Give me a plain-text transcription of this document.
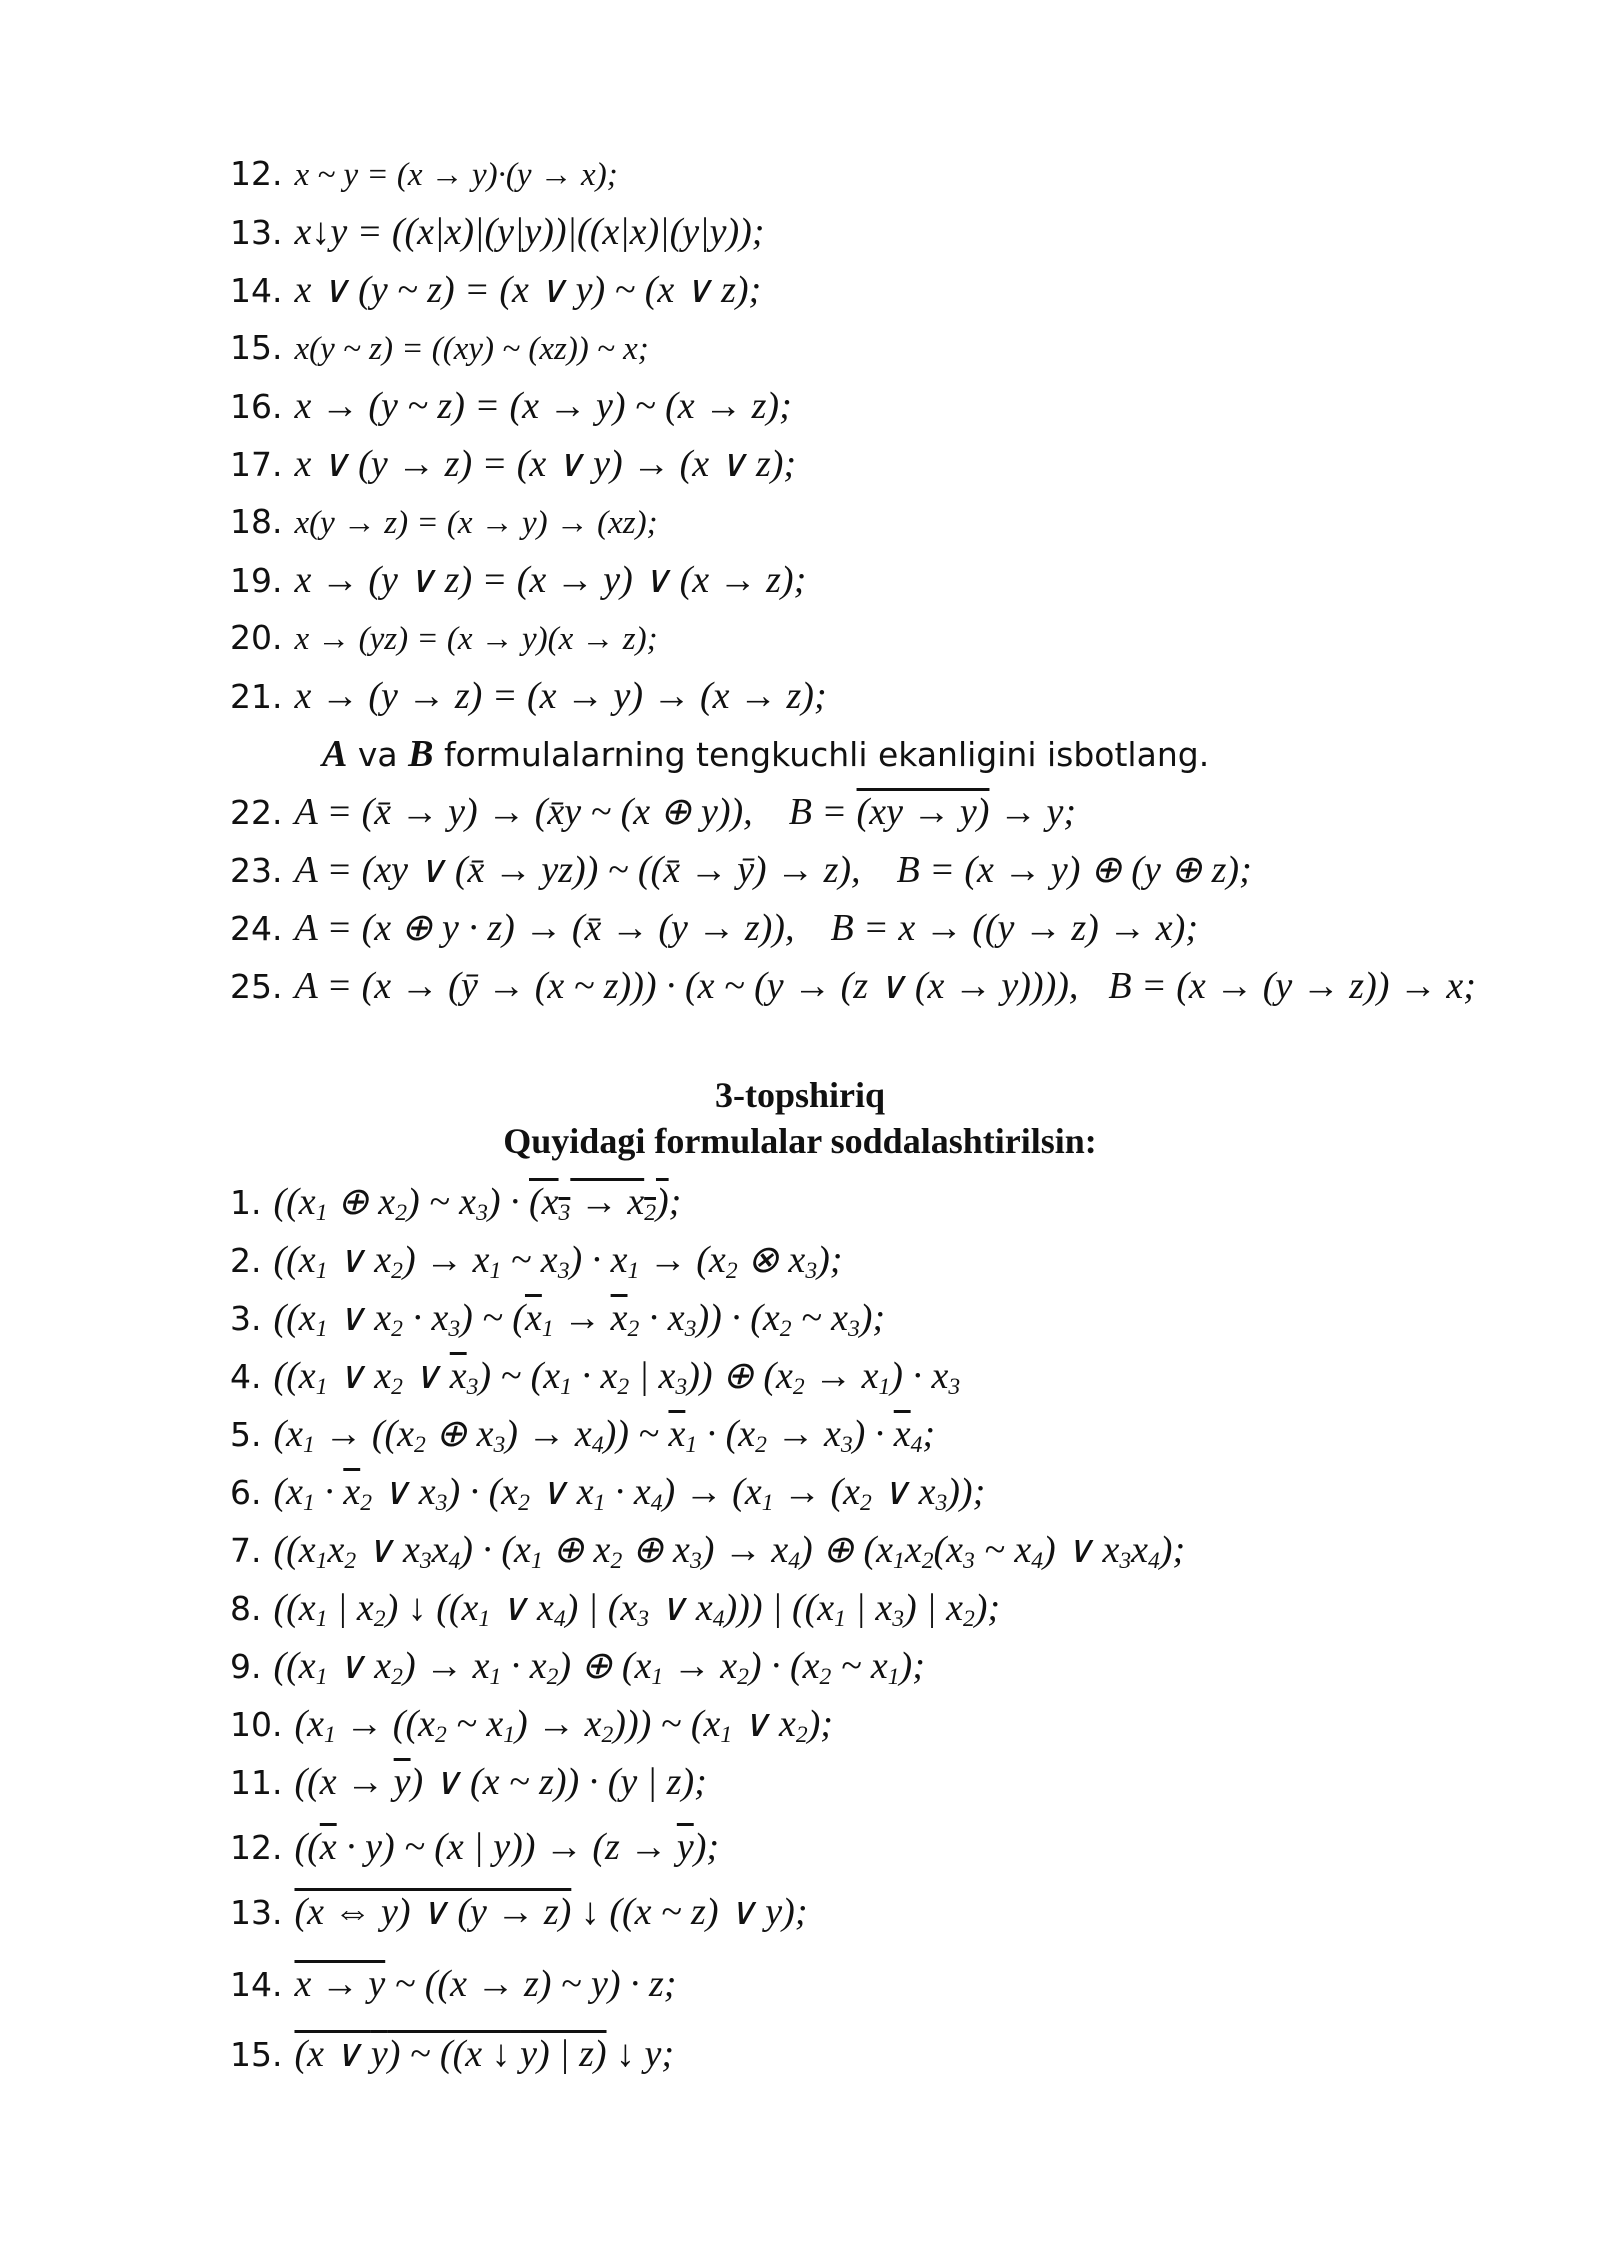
12. x ~ y = (x → y)·(y → x);
13. x↓y = ((x|x)|(y|y))|((x|x)|(y|y));
14. x ∨ (y ~ z) = (x ∨ y) ~ (x ∨ z);
15. x(y ~ z) = ((xy) ~ (xz)) ~ x;
16. x → (y ~ z) = (x → y) ~ (x → z);
17. x ∨ (y → z) = (x ∨ y) → (x ∨ z);
18. x(y → z) = (x → y) → (xz);
19. x → (y ∨ z) = (x → y) ∨ (x → z);
20. x → (yz) = (x → y)(x → z);
21. x → (y → z) = (x → y) → (x → z);
A va B formulalarning tengkuchli ekanligini isbotlang.
22. A = (x̄ → y) → (x̄y ~ (x ⊕ y)), B = (xy → y) → y;
23. A = (xy ∨ (x̄ → yz)) ~ ((x̄ → ȳ) → z), B = (x → y) ⊕ (y ⊕ z);
24. A = (x ⊕ y · z) → (x̄ → (y → z)), B = x → ((y → z) → x);
25. A = (x → (ȳ → (x ~ z))) · (x ~ (y → (z ∨ (x → y)))), B = (x → (y → z)) → x;
3-topshiriq
Quyidagi formulalar soddalashtirilsin:
1. (($x_1$ ⊕ $x_2$) ~ $x_3) \cdot (x_3 \to x_2)$;
2. (($x_1$ ∨ $x_2) \to x_1$ ~ $x_3) \cdot x_1 \to (x_2$ ⊗ $x_3$);
3. (($x_1$ ∨ $x_2 \cdot x_3$) ~ $(\overline{x}_1 \to \overline{x}_2 \cdot x_3)) \cdot (x_2$ ~ $x_3$);
4. (($x_1$ ∨ $x_2$ ∨ $\overline{x}_3$) ~ ($x_1 \cdot x_2$ | $x_3$)) ⊕ $(x_2 \to x_1) \cdot x_3$
5. ($x_1 \to ((x_2$ ⊕ $x_3) \to x_4$)) ~ $\overline{x}_1 \cdot (x_2 \to x_3) \cdot \overline{x}_4$;
6. ($x_1 \cdot \overline{x}_2$ ∨ $x_3) \cdot (x_2$ ∨ $x_1 \cdot x_4) \to (x_1 \to (x_2$ ∨ $x_3$));
7. (($x_1x_2$ ∨ $x_3x_4) \cdot (x_1$ ⊕ $x_2$ ⊕ $x_3) \to x_4$) ⊕ ($x_1x_2(x_3$ ~ $x_4$) ∨ $x_3x_4$);
8. (($x_1$ | $x_2$) ↓ (($x_1$ ∨ $x_4$) | ($x_3$ ∨ $x_4$))) | (($x_1$ | $x_3$) | $x_2$);
9. (($x_1$ ∨ $x_2) \to x_1 \cdot x_2$) ⊕ $(x_1 \to x_2) \cdot (x_2$ ~ $x_1$);
10. ($x_1 \to ((x_2$ ~ $x_1) \to x_2$))) ~ ($x_1$ ∨ $x_2$);
11. ($(x \to \overline{y})$ ∨ (x ~ z)) · (y | z);
12. ($(\overline{x} \cdot y)$ ~ (x | $y)) \to (z \to \overline{y})$;
13. (x ⇔ y) ∨ (y → z) ↓ ((x ~ z) ∨ y);
14. x → y ~ ((x → z) ~ y) · z;
15. (x ∨ y) ~ ((x ↓ y) | z) ↓ y;
